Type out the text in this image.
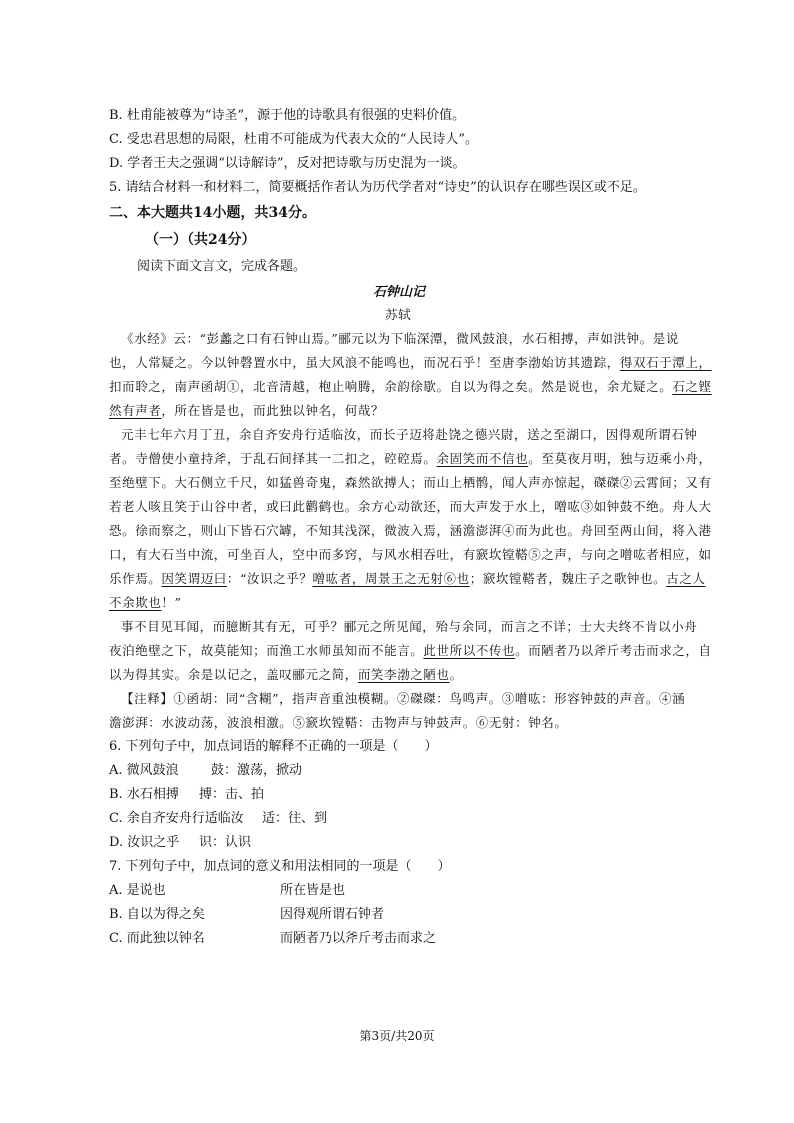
B. 杜甫能被尊为“诗圣”，源于他的诗歌具有很强的史料价值。
C. 受忠君思想的局限，杜甫不可能成为代表大众的“人民诗人”。
D. 学者王夫之强调“以诗解诗”，反对把诗歌与历史混为一谈。
5. 请结合材料一和材料二，简要概括作者认为历代学者对“诗史”的认识存在哪些误区或不足。
二、本大题共14小题，共34分。
（一）（共24分）
阅读下面文言文，完成各题。
石钟山记
苏轼
《水经》云：“彭蠡之口有石钟山焉。”郦元以为下临深潭，微风鼓浪，水石相搏，声如洪钟。是说
也，人常疑之。今以钟磬置水中，虽大风浪不能鸣也，而况石乎！至唐李渤始访其遗踪，得双石于潭上，
扣而聆之，南声函胡①，北音清越，枹止响腾，余韵徐歇。自以为得之矣。然是说也，余尤疑之。石之铿
然有声者，所在皆是也，而此独以钟名，何哉？
元丰七年六月丁丑，余自齐安舟行适临汝，而长子迈将赴饶之德兴尉，送之至湖口，因得观所谓石钟
者。寺僧使小童持斧，于乱石间择其一二扣之，硿硿焉。余固笑而不信也。至莫夜月明，独与迈乘小舟，
至绝壁下。大石侧立千尺，如猛兽奇鬼，森然欲搏人；而山上栖鹘，闻人声亦惊起，磔磔②云霄间；又有
若老人咳且笑于山谷中者，或曰此鹳鹤也。余方心动欲还，而大声发于水上，噌吰③如钟鼓不绝。舟人大
恐。徐而察之，则山下皆石穴罅，不知其浅深，微波入焉，涵澹澎湃④而为此也。舟回至两山间，将入港
口，有大石当中流，可坐百人，空中而多窍，与风水相吞吐，有窾坎镗鞳⑤之声，与向之噌吰者相应，如
乐作焉。因笑谓迈曰：“汝识之乎？噌吰者，周景王之无射⑥也；窾坎镗鞳者，魏庄子之歌钟也。古之人
不余欺也！”
事不目见耳闻，而臆断其有无，可乎？郦元之所见闻，殆与余同，而言之不详；士大夫终不肯以小舟
夜泊绝壁之下，故莫能知；而渔工水师虽知而不能言。此世所以不传也。而陋者乃以斧斤考击而求之，自
以为得其实。余是以记之，盖叹郦元之简，而笑李渤之陋也。
【注释】①函胡：同“含糊”，指声音重浊模糊。②磔磔：鸟鸣声。③噌吰：形容钟鼓的声音。④涵
澹澎湃：水波动荡，波浪相激。⑤窾坎镗鞳：击物声与钟鼓声。⑥无射：钟名。
6. 下列句子中，加点词语的解释不正确的一项是（　　）
A. 微风鼓浪 鼓：激荡，掀动
B. 水石相搏 搏：击、拍
C. 余自齐安舟行适临汝 适：往、到
D. 汝识之乎 识：认识
7. 下列句子中，加点词的意义和用法相同的一项是（　　）
A. 是说也	所在皆是也
B. 自以为得之矣	因得观所谓石钟者
C. 而此独以钟名	而陋者乃以斧斤考击而求之
第3页/共20页
